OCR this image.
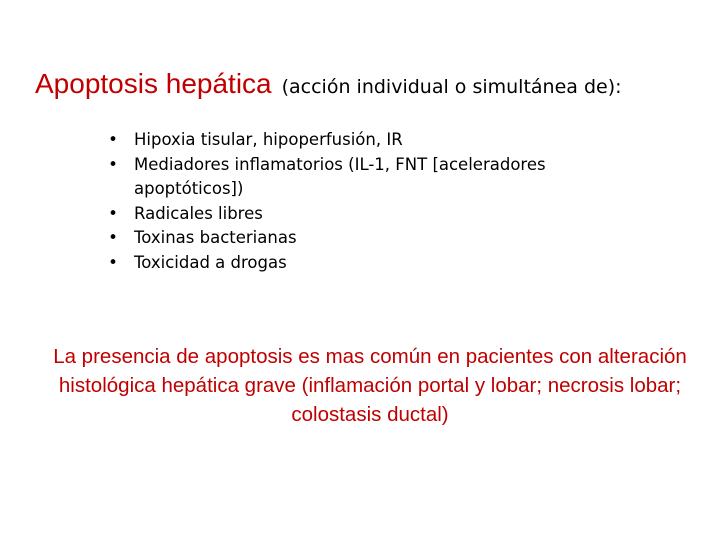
Apoptosis hepática (acción individual o simultánea de):
• Hipoxia tisular, hipoperfusión, IR
• Mediadores inflamatorios (IL-1, FNT [aceleradores apoptóticos])
• Radicales libres
• Toxinas bacterianas
• Toxicidad a drogas
La presencia de apoptosis es mas común en pacientes con alteración histológica hepática grave (inflamación portal y lobar; necrosis lobar; colostasis ductal)
